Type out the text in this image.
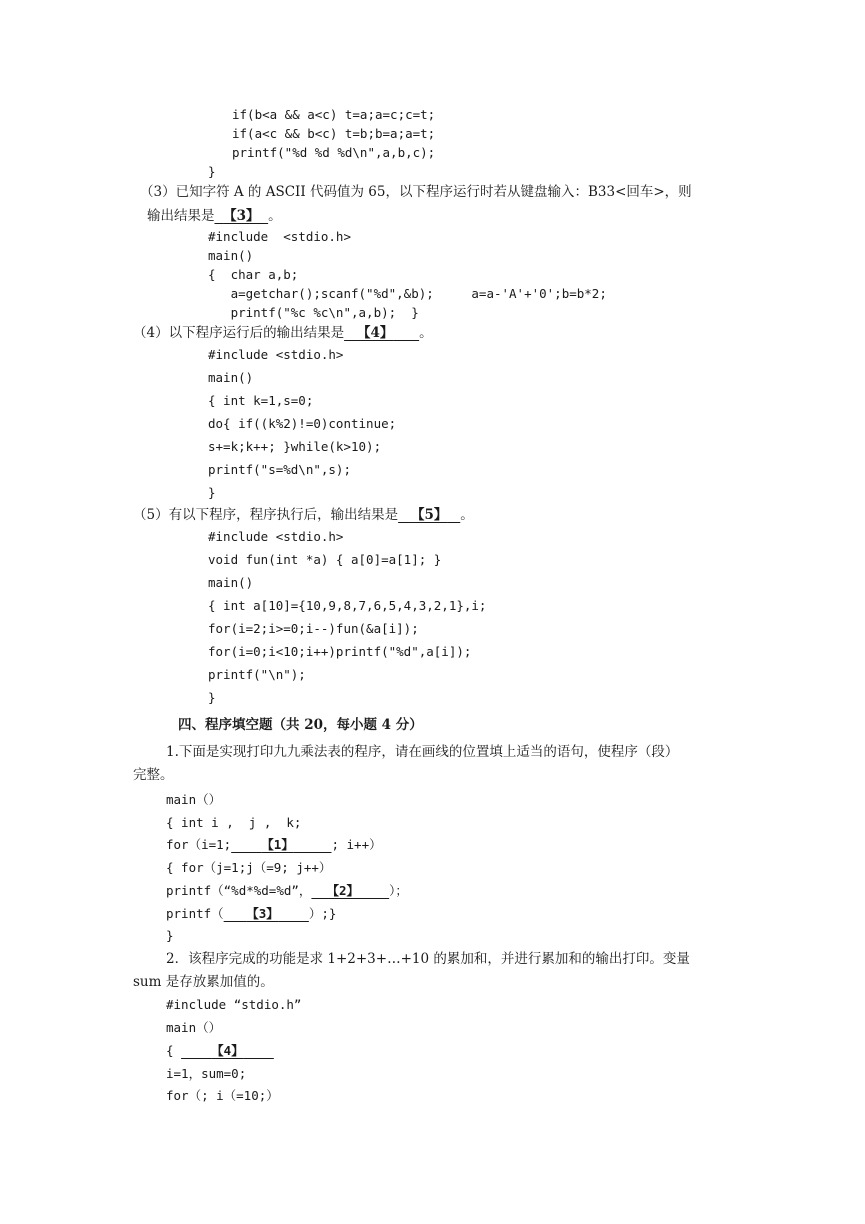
if(b<a && a<c) t=a;a=c;c=t;
if(a<c && b<c) t=b;b=a;a=t;
printf("%d %d %d\n",a,b,c);
}
（3）已知字符 A 的 ASCII 代码值为 65，以下程序运行时若从键盘输入：B33<回车>，则
输出结果是 【3】 。
#include  <stdio.h>
main()
{  char a,b;
a=getchar();scanf("%d",&b);     a=a-'A'+'0';b=b*2;
printf("%c %c\n",a,b);  }
（4）以下程序运行后的输出结果是 【4】 。
#include <stdio.h>
main()
{ int k=1,s=0;
do{ if((k%2)!=0)continue;
s+=k;k++; }while(k>10);
printf("s=%d\n",s);
}
（5）有以下程序，程序执行后，输出结果是 【5】 。
#include <stdio.h>
void fun(int *a) { a[0]=a[1]; }
main()
{ int a[10]={10,9,8,7,6,5,4,3,2,1},i;
for(i=2;i>=0;i--)fun(&a[i]);
for(i=0;i<10;i++)printf("%d",a[i]);
printf("\n");
}
四、程序填空题（共 20，每小题 4 分）
1.下面是实现打印九九乘法表的程序，请在画线的位置填上适当的语句，使程序（段）
完整。
main（）
{ int i ,  j ,  k;
for（i=1; 【1】	; i++）
{ for（j=1;j（=9; j++）
printf（“%d*%d=%d”， 【2】 ）；
printf（ 【3】 ）;}
}
2．该程序完成的功能是求 1+2+3+…+10 的累加和，并进行累加和的输出打印。变量
sum 是存放累加值的。
#include “stdio.h”
main（）
{     【4】
i=1，sum=0;
for（; i（=10;）
